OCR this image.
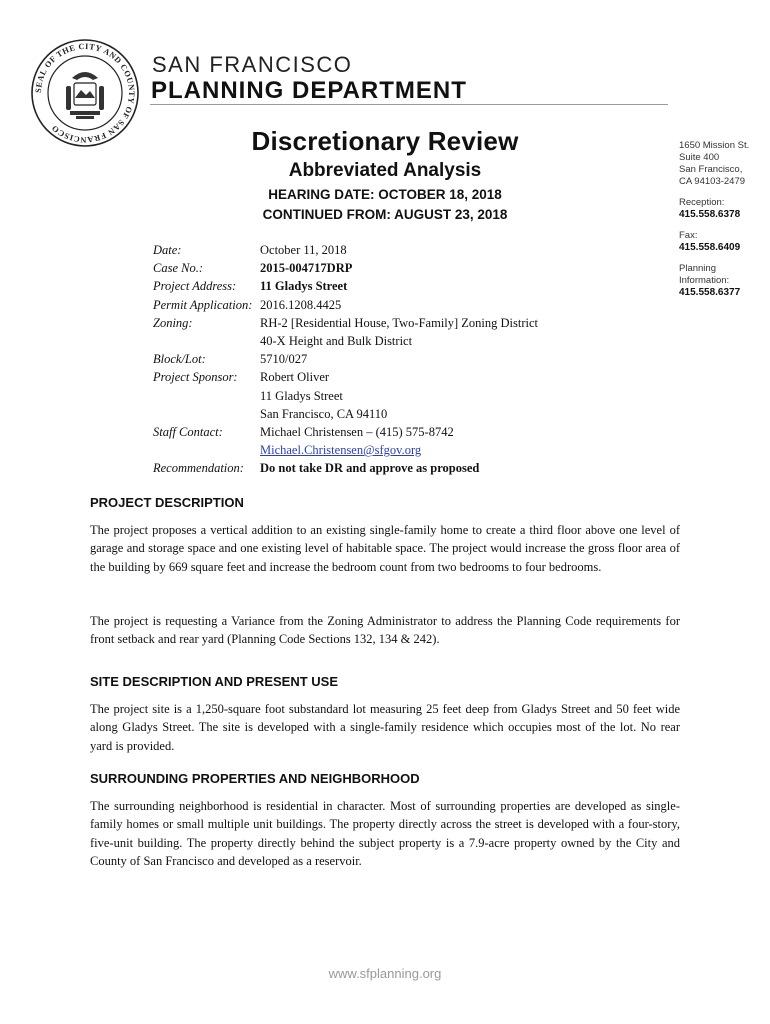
SEAL OF THE CITY AND COUNTY OF SAN FRANCISCO
SAN FRANCISCO
PLANNING DEPARTMENT
Discretionary Review
Abbreviated Analysis
HEARING DATE: OCTOBER 18, 2018
CONTINUED FROM: AUGUST 23, 2018
1650 Mission St.
Suite 400
San Francisco,
CA 94103-2479
Reception:
415.558.6378
Fax:
415.558.6409
Planning
Information:
415.558.6377
Date:	October 11, 2018
Case No.:	2015-004717DRP
Project Address:	11 Gladys Street
Permit Application: 2016.1208.4425
Zoning:	RH-2 [Residential House, Two-Family] Zoning District
40-X Height and Bulk District
Block/Lot:	5710/027
Project Sponsor:	Robert Oliver
11 Gladys Street
San Francisco, CA 94110
Staff Contact:	Michael Christensen – (415) 575-8742
Michael.Christensen@sfgov.org
Recommendation:	Do not take DR and approve as proposed
PROJECT DESCRIPTION
The project proposes a vertical addition to an existing single-family home to create a third floor above one level of garage and storage space and one existing level of habitable space. The project would increase the gross floor area of the building by 669 square feet and increase the bedroom count from two bedrooms to four bedrooms.
The project is requesting a Variance from the Zoning Administrator to address the Planning Code requirements for front setback and rear yard (Planning Code Sections 132, 134 & 242).
SITE DESCRIPTION AND PRESENT USE
The project site is a 1,250-square foot substandard lot measuring 25 feet deep from Gladys Street and 50 feet wide along Gladys Street. The site is developed with a single-family residence which occupies most of the lot. No rear yard is provided.
SURROUNDING PROPERTIES AND NEIGHBORHOOD
The surrounding neighborhood is residential in character. Most of surrounding properties are developed as single-family homes or small multiple unit buildings. The property directly across the street is developed with a four-story, five-unit building. The property directly behind the subject property is a 7.9-acre property owned by the City and County of San Francisco and developed as a reservoir.
www.sfplanning.org
